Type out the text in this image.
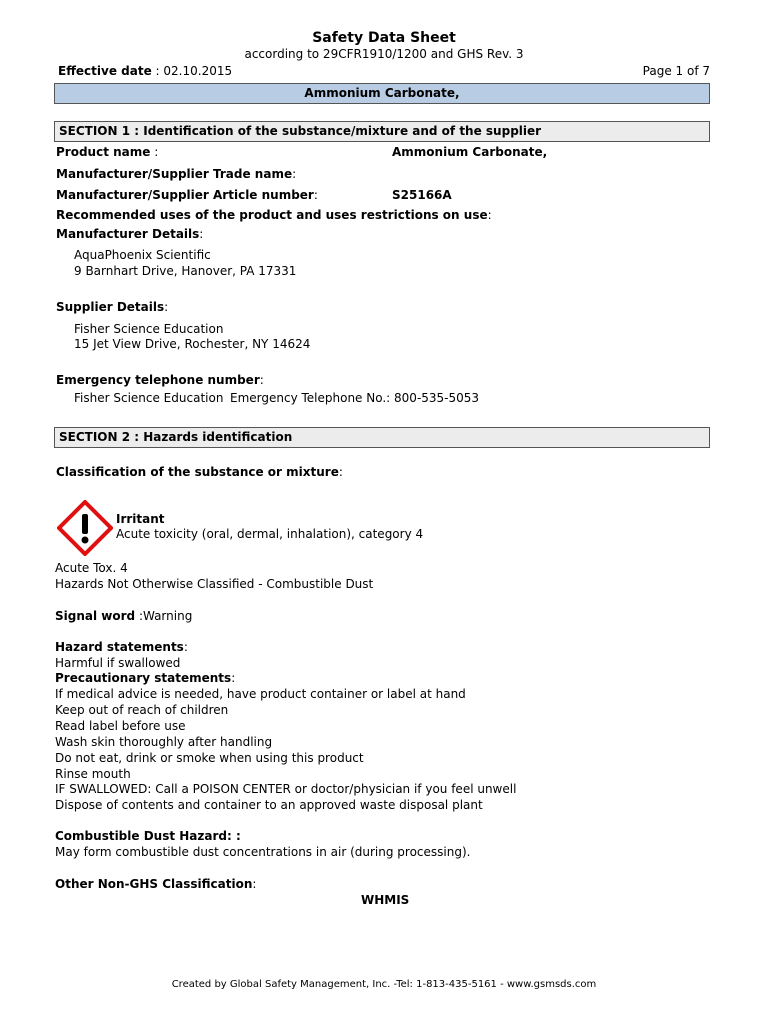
Safety Data Sheet
according to 29CFR1910/1200 and GHS Rev. 3
Effective date : 02.10.2015	Page 1 of 7
Ammonium Carbonate,
SECTION 1 : Identification of the substance/mixture and of the supplier
Product name :	Ammonium Carbonate,
Manufacturer/Supplier Trade name:
Manufacturer/Supplier Article number:	S25166A
Recommended uses of the product and uses restrictions on use:
Manufacturer Details:
AquaPhoenix Scientific
9 Barnhart Drive, Hanover, PA 17331
Supplier Details:
Fisher Science Education
15 Jet View Drive, Rochester, NY 14624
Emergency telephone number:
Fisher Science Education Emergency Telephone No.: 800-535-5053
SECTION 2 : Hazards identification
Classification of the substance or mixture:
Irritant
Acute toxicity (oral, dermal, inhalation), category 4
Acute Tox. 4
Hazards Not Otherwise Classified - Combustible Dust
Signal word :Warning
Hazard statements:
Harmful if swallowed
Precautionary statements:
If medical advice is needed, have product container or label at hand
Keep out of reach of children
Read label before use
Wash skin thoroughly after handling
Do not eat, drink or smoke when using this product
Rinse mouth
IF SWALLOWED: Call a POISON CENTER or doctor/physician if you feel unwell
Dispose of contents and container to an approved waste disposal plant
Combustible Dust Hazard: :
May form combustible dust concentrations in air (during processing).
Other Non-GHS Classification:
WHMIS
Created by Global Safety Management, Inc. -Tel: 1-813-435-5161 - www.gsmsds.com
